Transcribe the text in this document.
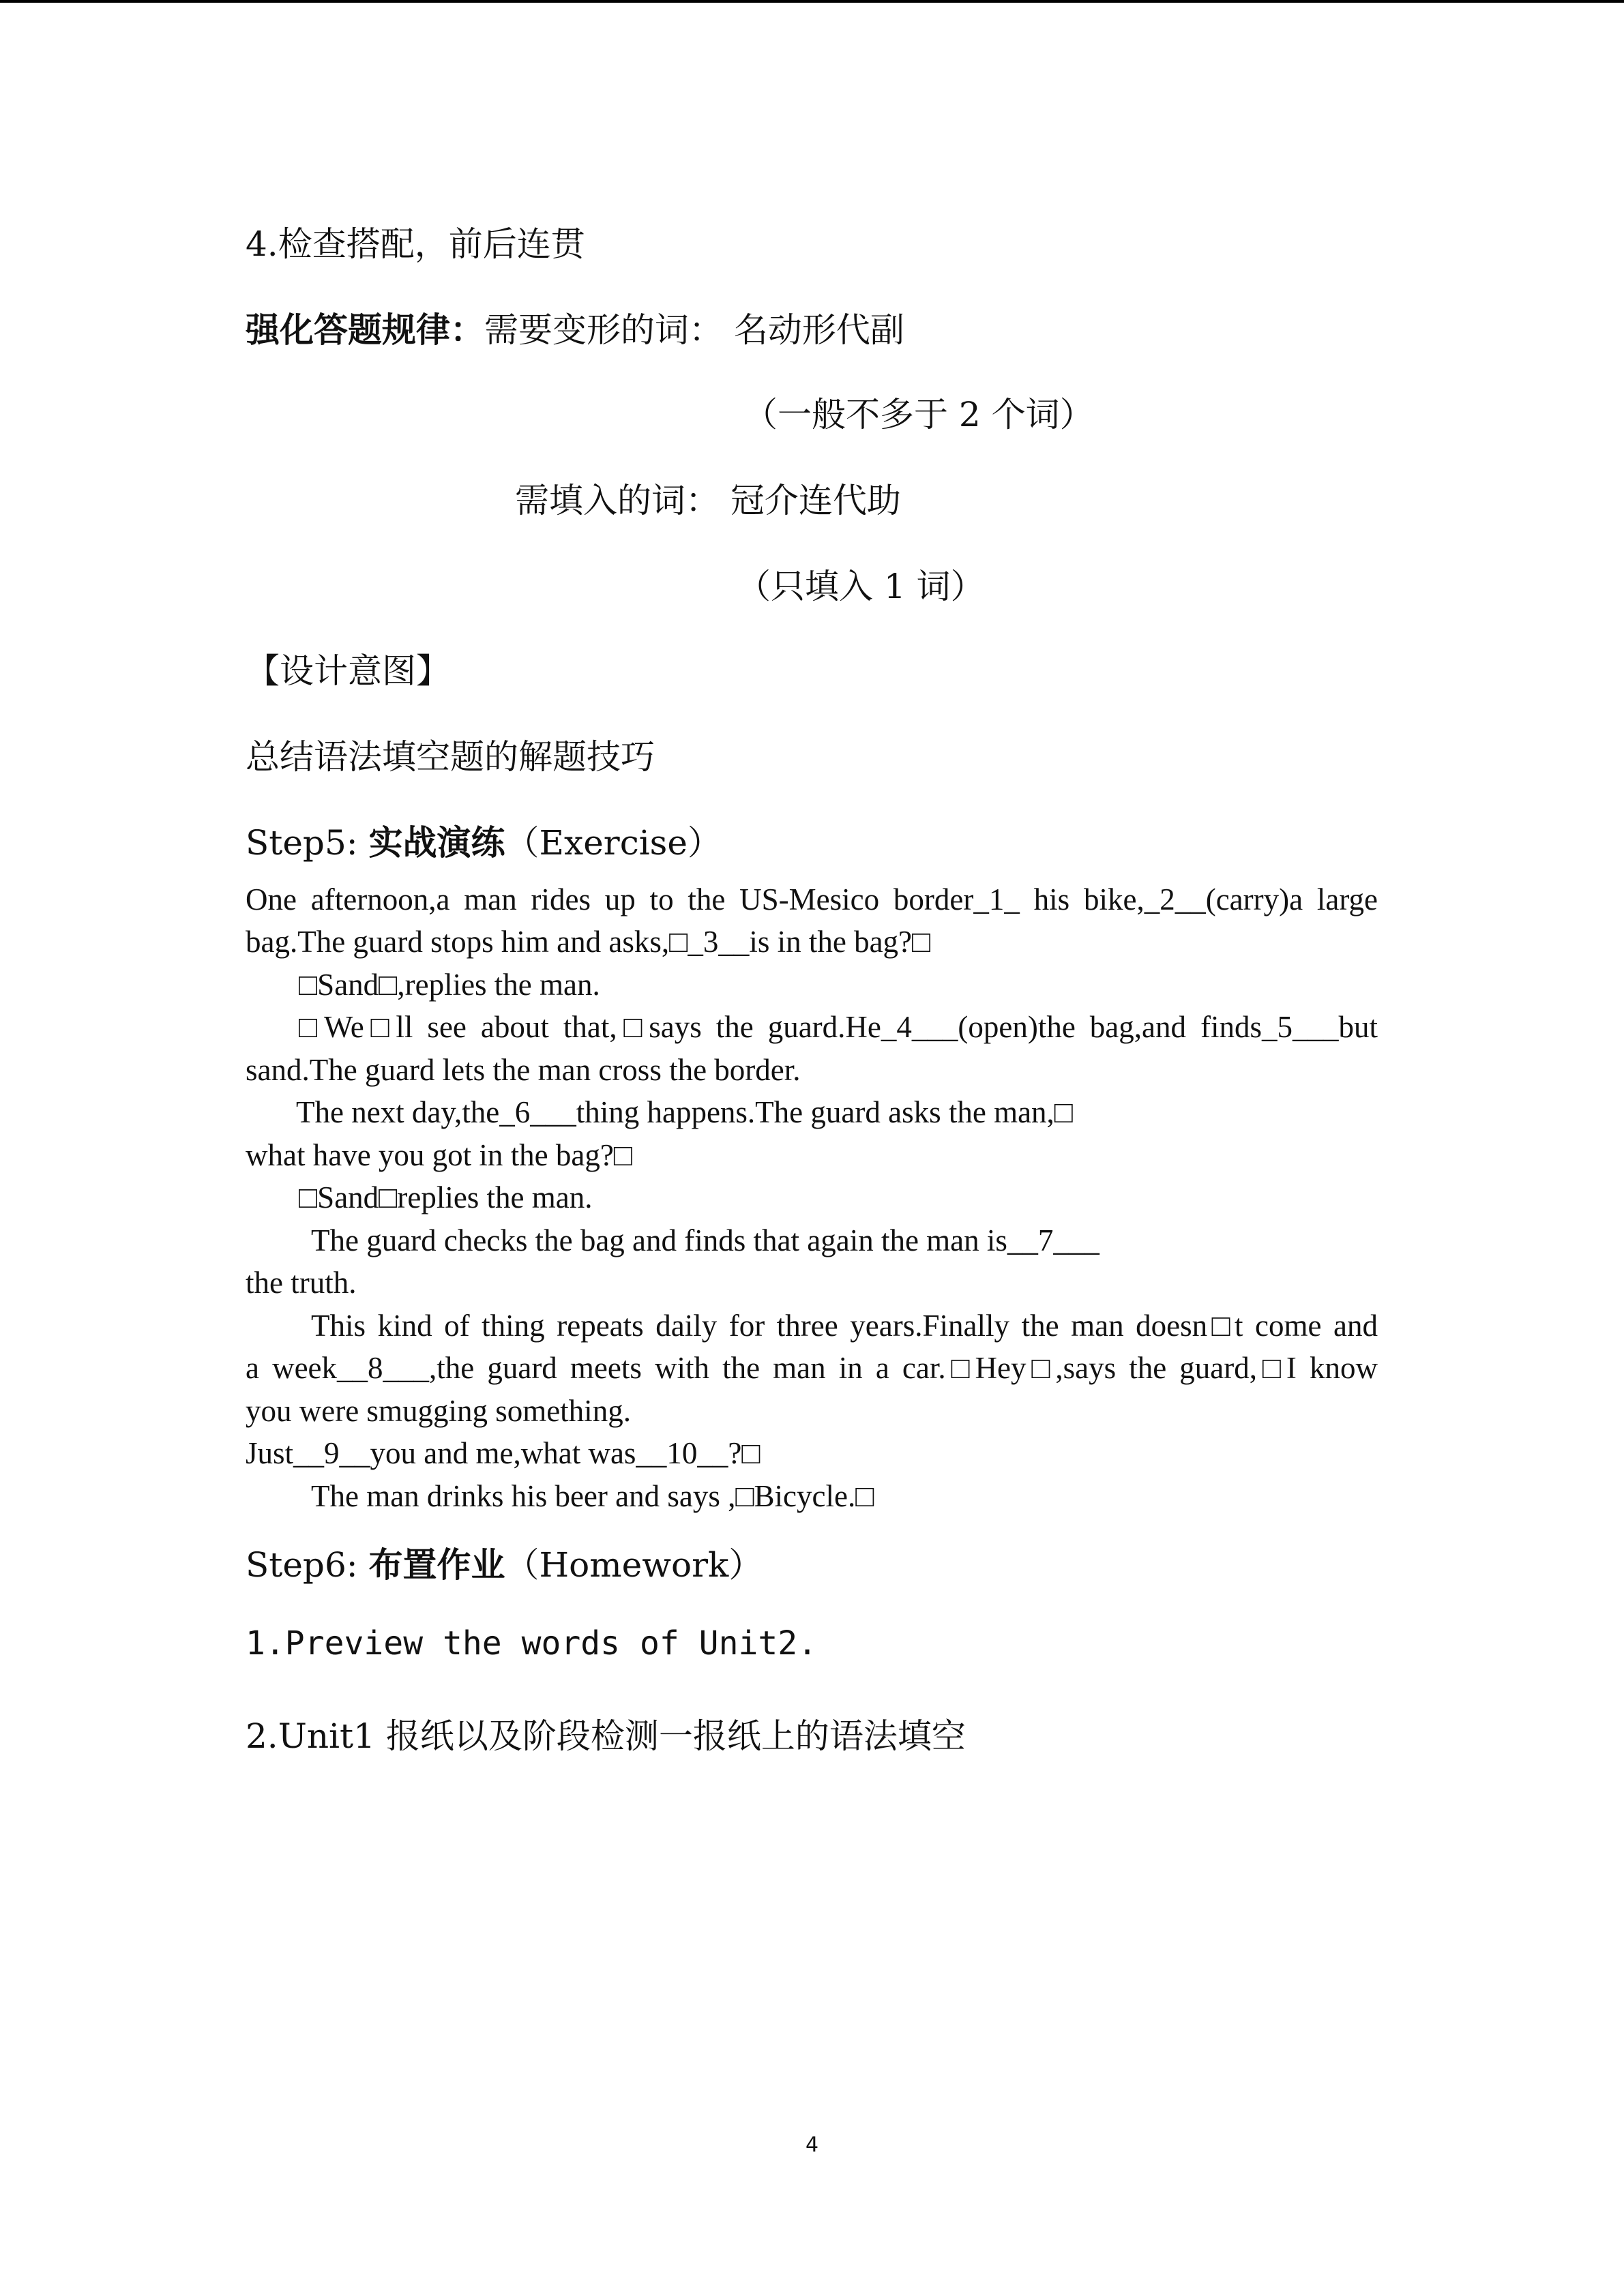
4.检查搭配，前后连贯
强化答题规律：需要变形的词： 名动形代副
（一般不多于 2 个词）
需填入的词： 冠介连代助
（只填入 1 词）
【设计意图】
总结语法填空题的解题技巧
Step5: 实战演练（Exercise）
One afternoon,a man rides up to the US-Mesico border_1_ his bike,_2__(carry)a large
bag.The guard stops him and asks,□_3__is in the bag?□
□Sand□,replies the man.
□We□ll see about that,□says the guard.He_4___(open)the bag,and finds_5___but
sand.The guard lets the man cross the border.
The next day,the_6___thing happens.The guard asks the man,□
what have you got in the bag?□
□Sand□replies the man.
The guard checks the bag and finds that again the man is__7___
the truth.
This kind of thing repeats daily for three years.Finally the man doesn□t come and
a week__8___,the guard meets with the man in a car.□Hey□,says the guard,□I know
you were smugging something.
Just__9__you and me,what was__10__?□
The man drinks his beer and says ,□Bicycle.□
Step6: 布置作业（Homework）
1.Preview the words of Unit2.
2.Unit1 报纸以及阶段检测一报纸上的语法填空
4
